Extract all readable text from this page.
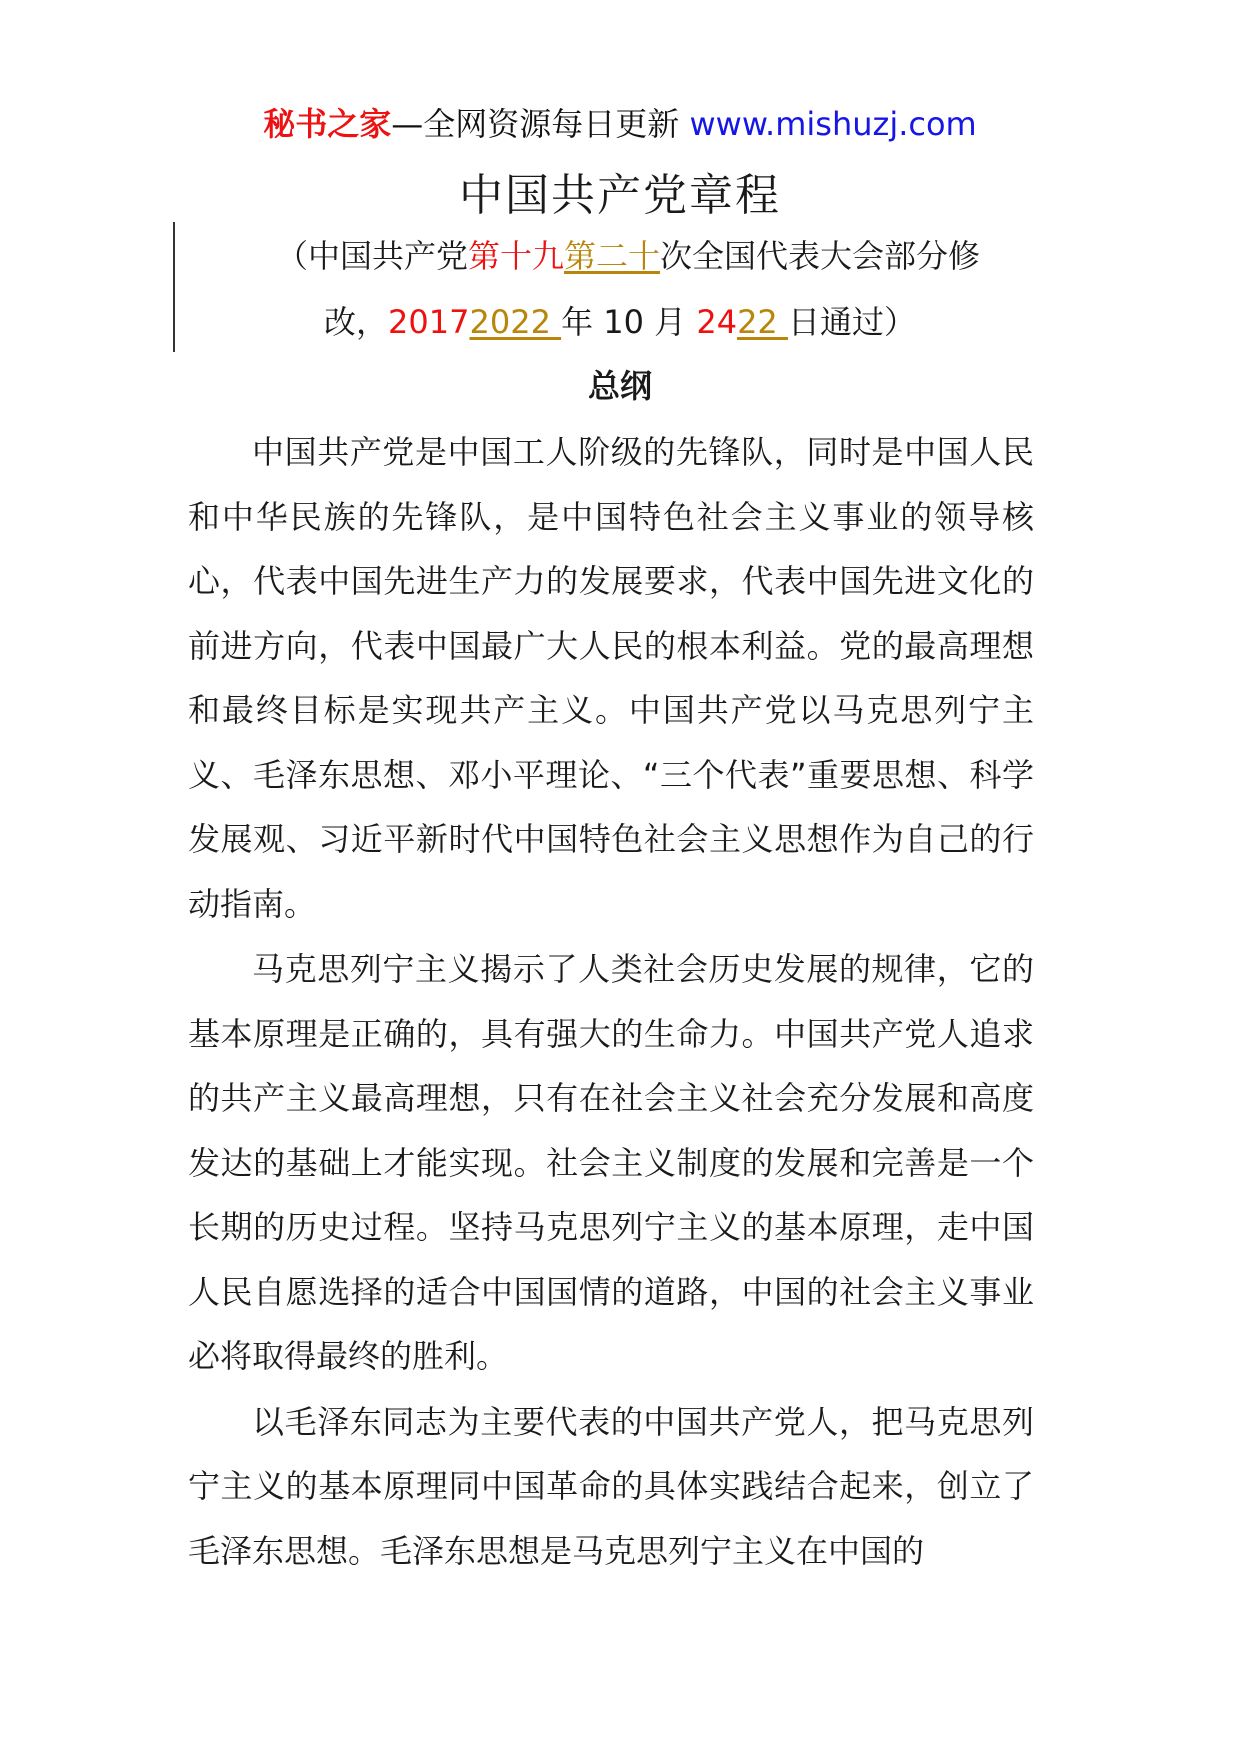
秘书之家—全网资源每日更新 www.mishuzj.com
中国共产党章程
（中国共产党第十九第二十次全国代表大会部分修
改，20172022 年 10 月 2422 日通过）
总纲

中国共产党是中国工人阶级的先锋队，同时是中国人民和中华民族的先锋队，是中国特色社会主义事业的领导核心，代表中国先进生产力的发展要求，代表中国先进文化的前进方向，代表中国最广大人民的根本利益。党的最高理想和最终目标是实现共产主义。中国共产党以马克思列宁主义、毛泽东思想、邓小平理论、“三个代表”重要思想、科学发展观、习近平新时代中国特色社会主义思想作为自己的行动指南。

马克思列宁主义揭示了人类社会历史发展的规律，它的基本原理是正确的，具有强大的生命力。中国共产党人追求的共产主义最高理想，只有在社会主义社会充分发展和高度发达的基础上才能实现。社会主义制度的发展和完善是一个长期的历史过程。坚持马克思列宁主义的基本原理，走中国人民自愿选择的适合中国国情的道路，中国的社会主义事业必将取得最终的胜利。

以毛泽东同志为主要代表的中国共产党人，把马克思列宁主义的基本原理同中国革命的具体实践结合起来，创立了毛泽东思想。毛泽东思想是马克思列宁主义在中国的
